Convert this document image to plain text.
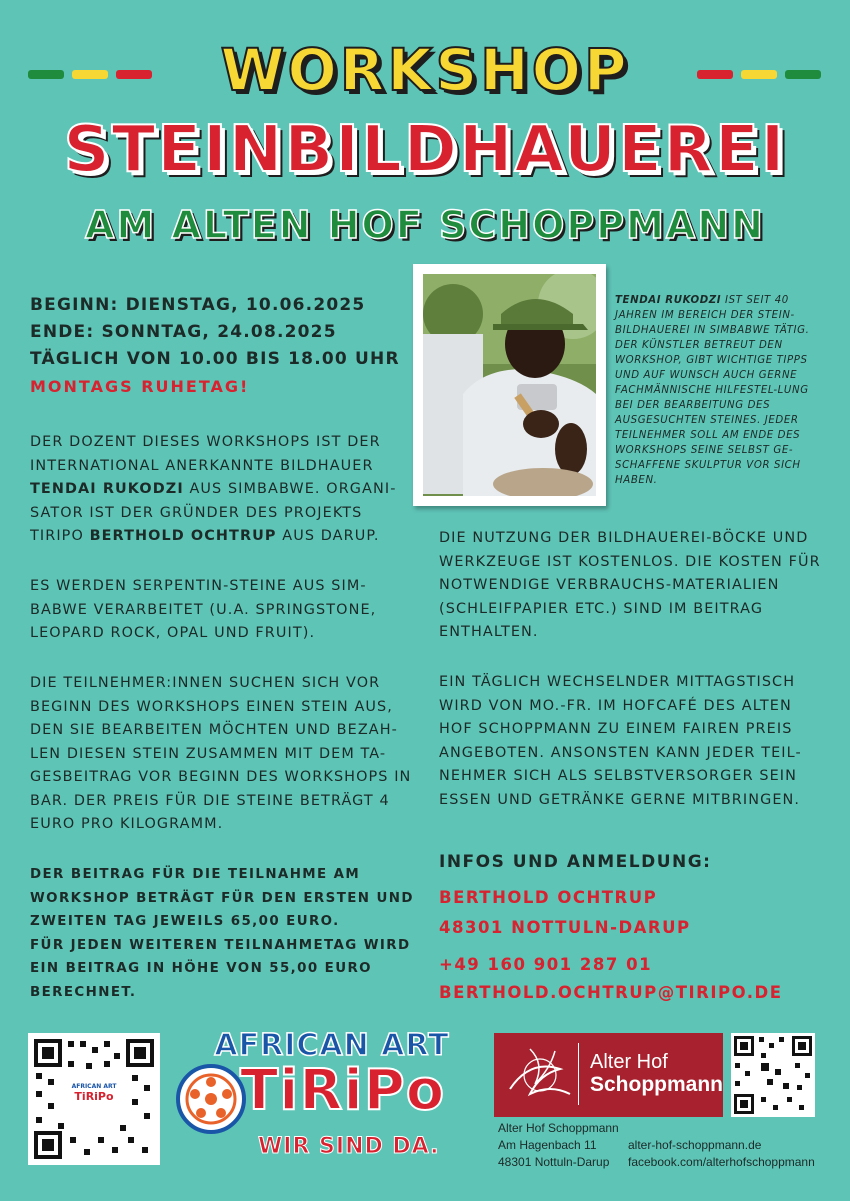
WORKSHOP
STEINBILDHAUEREI
AM ALTEN HOF SCHOPPMANN
BEGINN: DIENSTAG, 10.06.2025
ENDE: SONNTAG, 24.08.2025
TÄGLICH VON 10.00 BIS 18.00 UHR
MONTAGS RUHETAG!
DER DOZENT DIESES WORKSHOPS IST DER INTERNATIONAL ANERKANNTE BILDHAUER TENDAI RUKODZI AUS SIMBABWE. ORGANI-SATOR IST DER GRÜNDER DES PROJEKTS TIRIPO BERTHOLD OCHTRUP AUS DARUP.
ES WERDEN SERPENTIN-STEINE AUS SIM-BABWE VERARBEITET (U.A. SPRINGSTONE, LEOPARD ROCK, OPAL UND FRUIT).
DIE TEILNEHMER:INNEN SUCHEN SICH VOR BEGINN DES WORKSHOPS EINEN STEIN AUS, DEN SIE BEARBEITEN MÖCHTEN UND BEZAH-LEN DIESEN STEIN ZUSAMMEN MIT DEM TA-GESBEITRAG VOR BEGINN DES WORKSHOPS IN BAR. DER PREIS FÜR DIE STEINE BETRÄGT 4 EURO PRO KILOGRAMM.
DER BEITRAG FÜR DIE TEILNAHME AM WORKSHOP BETRÄGT FÜR DEN ERSTEN UND ZWEITEN TAG JEWEILS 65,00 EURO.
FÜR JEDEN WEITEREN TEILNAHMETAG WIRD EIN BEITRAG IN HÖHE VON 55,00 EURO BERECHNET.
TENDAI RUKODZI IST SEIT 40 JAHREN IM BEREICH DER STEIN-BILDHAUEREI IN SIMBABWE TÄTIG. DER KÜNSTLER BETREUT DEN WORKSHOP, GIBT WICHTIGE TIPPS UND AUF WUNSCH AUCH GERNE FACHMÄNNISCHE HILFESTEL-LUNG BEI DER BEARBEITUNG DES AUSGESUCHTEN STEINES. JEDER TEILNEHMER SOLL AM ENDE DES WORKSHOPS SEINE SELBST GE-SCHAFFENE SKULPTUR VOR SICH HABEN.
DIE NUTZUNG DER BILDHAUEREI-BÖCKE UND WERKZEUGE IST KOSTENLOS. DIE KOSTEN FÜR NOTWENDIGE VERBRAUCHS-MATERIALIEN (SCHLEIFPAPIER ETC.) SIND IM BEITRAG ENTHALTEN.
EIN TÄGLICH WECHSELNDER MITTAGSTISCH WIRD VON MO.-FR. IM HOFCAFÉ DES ALTEN HOF SCHOPPMANN ZU EINEM FAIREN PREIS ANGEBOTEN. ANSONSTEN KANN JEDER TEIL-NEHMER SICH ALS SELBSTVERSORGER SEIN ESSEN UND GETRÄNKE GERNE MITBRINGEN.
INFOS UND ANMELDUNG:
BERTHOLD OCHTRUP
48301 NOTTULN-DARUP
+49 160 901 287 01
BERTHOLD.OCHTRUP@TIRIPO.DE
AFRICAN ART
TiRiPo
AFRICAN ART
TiRiPo
WIR SIND DA.
Alter Hof
Schoppmann
Alter Hof Schoppmann
Am Hagenbach 11
48301 Nottuln-Darup
alter-hof-schoppmann.de
facebook.com/alterhofschoppmann
